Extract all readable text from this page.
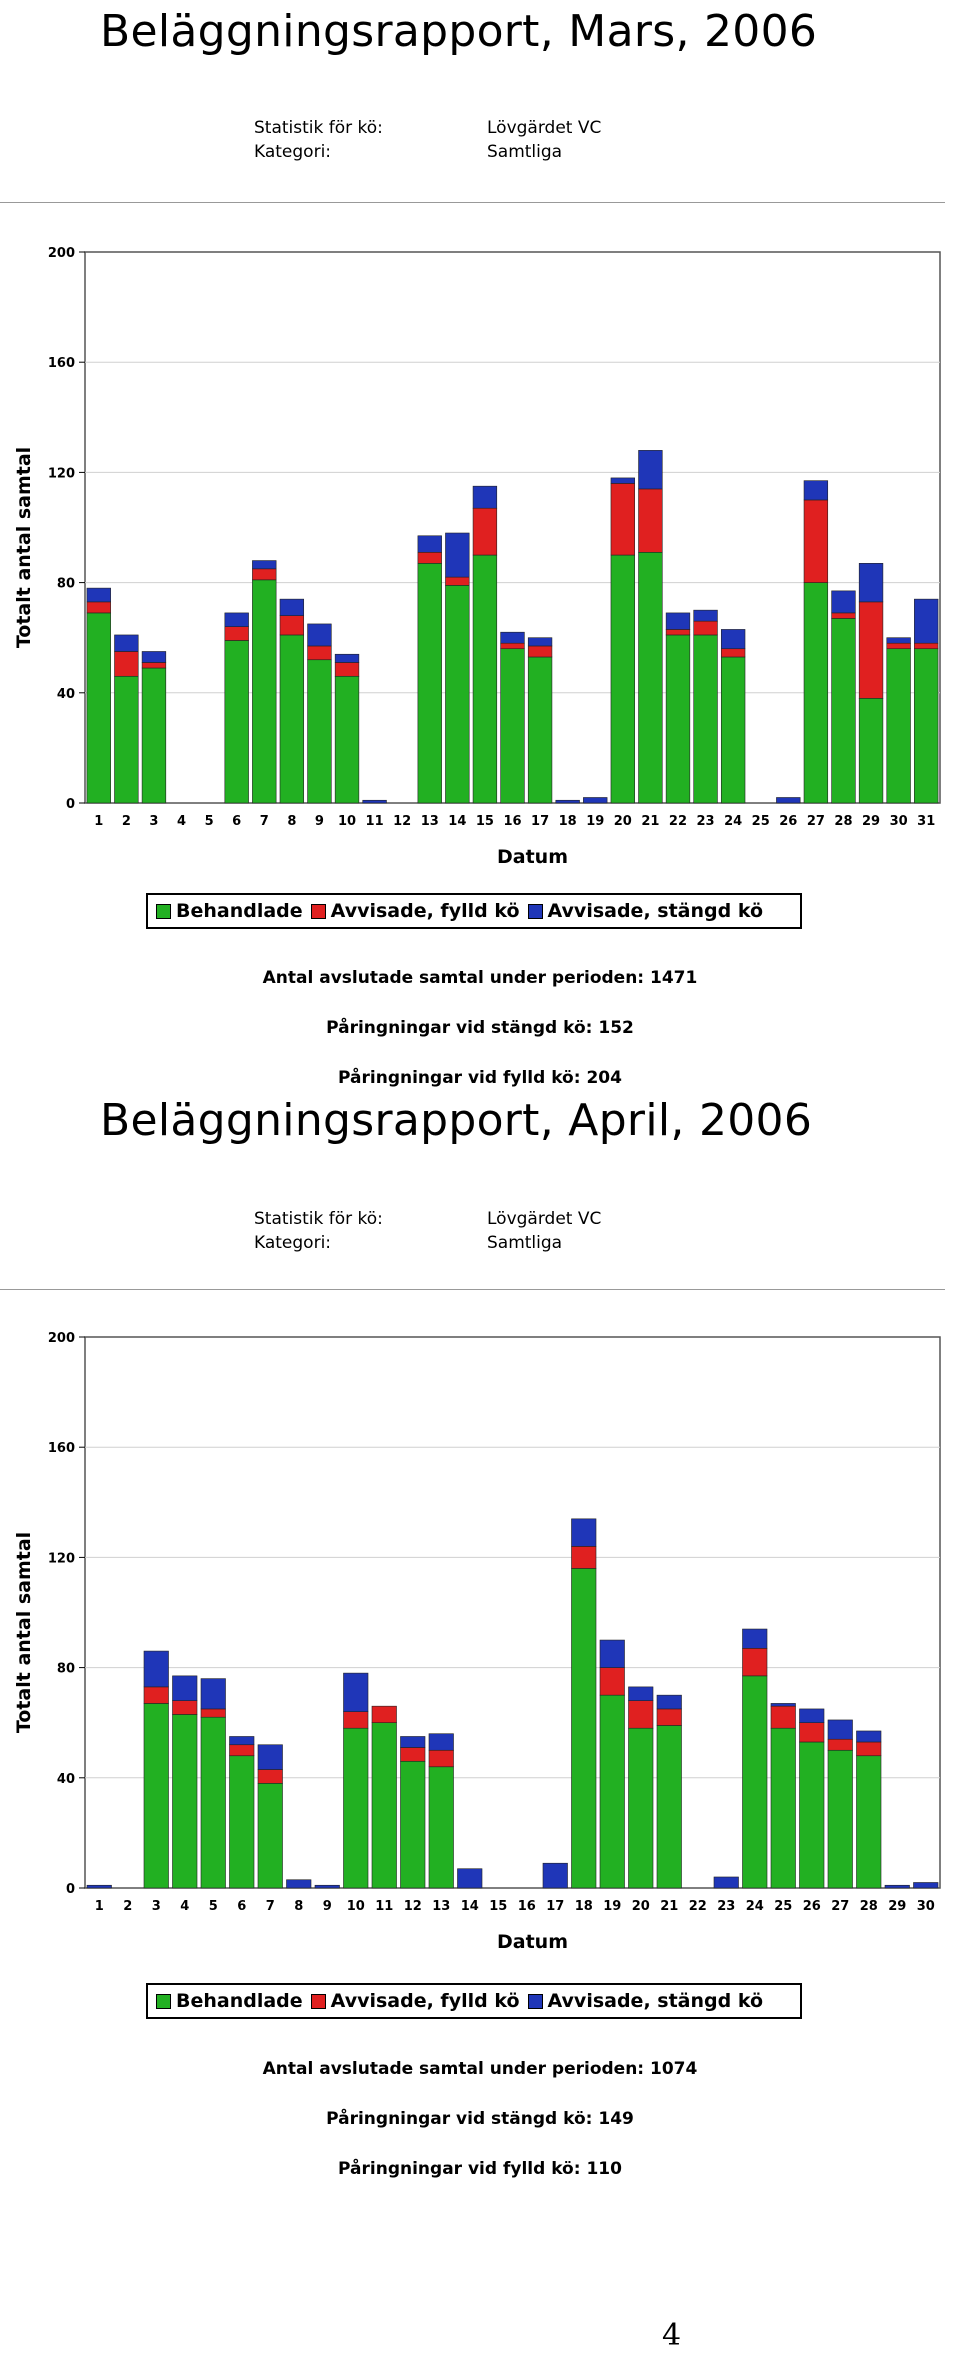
Beläggningsrapport, Mars, 2006
Statistik för kö:
Kategori:
Lövgärdet VC
Samtliga
0
40
80
120
160
200
1 2 3 4 5 6 7 8 9 10 11 12 13 14 15 16 17 18 19 20 21 22 23 24 25 26 27 28 29 30 31
Datum
Totalt antal samtal
Behandlade Avvisade, fylld kö Avvisade, stängd kö
Antal avslutade samtal under perioden: 1471
Påringningar vid stängd kö: 152
Påringningar vid fylld kö: 204
Beläggningsrapport, April, 2006
Statistik för kö:
Kategori:
Lövgärdet VC
Samtliga
0
40
80
120
160
200
1 2 3 4 5 6 7 8 9 10 11 12 13 14 15 16 17 18 19 20 21 22 23 24 25 26 27 28 29 30
Datum
Totalt antal samtal
Behandlade Avvisade, fylld kö Avvisade, stängd kö
Antal avslutade samtal under perioden: 1074
Påringningar vid stängd kö: 149
Påringningar vid fylld kö: 110
4
